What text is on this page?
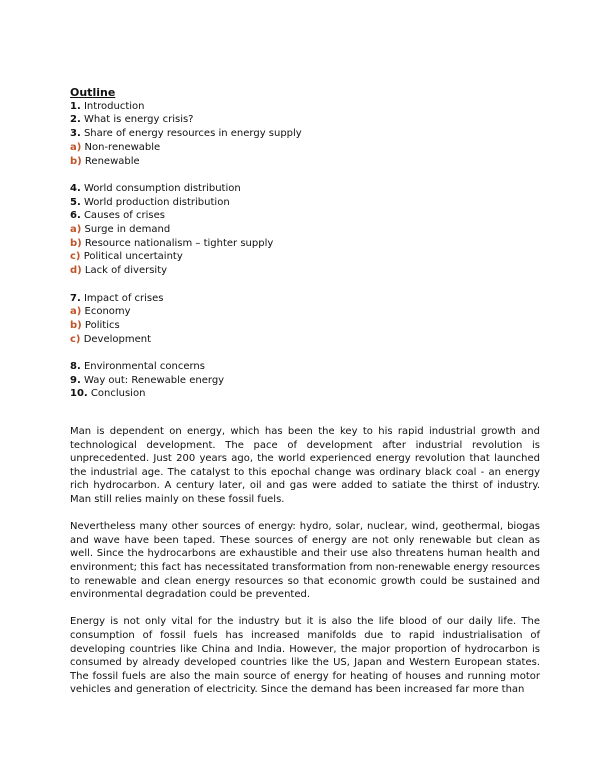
Outline

1. Introduction

2. What is energy crisis?

3. Share of energy resources in energy supply

a) Non-renewable

b) Renewable

4. World consumption distribution

5. World production distribution

6. Causes of crises

a) Surge in demand

b) Resource nationalism – tighter supply

c) Political uncertainty

d) Lack of diversity

7. Impact of crises

a) Economy

b) Politics

c) Development

8. Environmental concerns

9. Way out: Renewable energy

10. Conclusion

Man is dependent on energy, which has been the key to his rapid industrial growth and technological development. The pace of development after industrial revolution is unprecedented. Just 200 years ago, the world experienced energy revolution that launched the industrial age. The catalyst to this epochal change was ordinary black coal - an energy rich hydrocarbon. A century later, oil and gas were added to satiate the thirst of industry. Man still relies mainly on these fossil fuels.

Nevertheless many other sources of energy: hydro, solar, nuclear, wind, geothermal, biogas and wave have been taped. These sources of energy are not only renewable but clean as well. Since the hydrocarbons are exhaustible and their use also threatens human health and environment; this fact has necessitated transformation from non-renewable energy resources to renewable and clean energy resources so that economic growth could be sustained and environmental degradation could be prevented.

Energy is not only vital for the industry but it is also the life blood of our daily life. The consumption of fossil fuels has increased manifolds due to rapid industrialisation of developing countries like China and India. However, the major proportion of hydrocarbon is consumed by already developed countries like the US, Japan and Western European states. The fossil fuels are also the main source of energy for heating of houses and running motor vehicles and generation of electricity. Since the demand has been increased far more than
